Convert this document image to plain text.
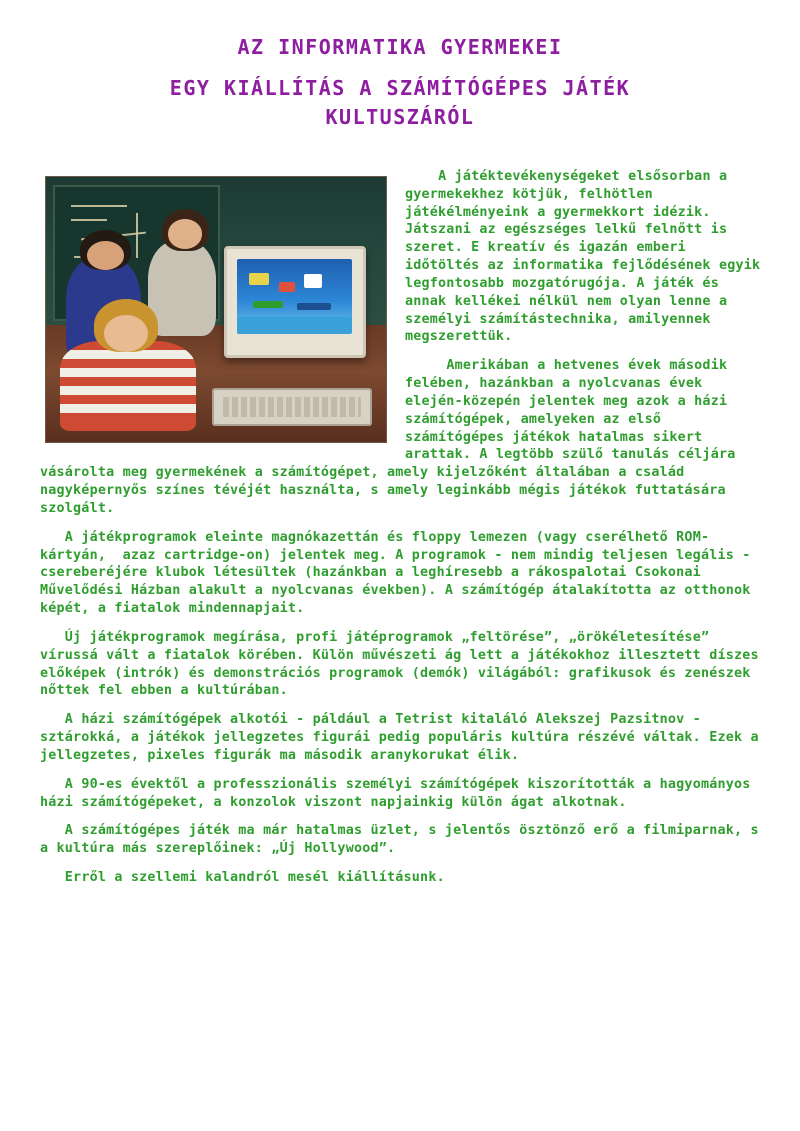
AZ INFORMATIKA GYERMEKEI
EGY KIÁLLÍTÁS A SZÁMÍTÓGÉPES JÁTÉK KULTUSZÁRÓL

A játéktevékenységeket elsősorban a gyermekekhez kötjük, felhötlen játékélményeink a gyermekkort idézik. Játszani az egészséges lelkű felnőtt is szeret. E kreatív és igazán emberi időtöltés az informatika fejlődésének egyik legfontosabb mozgatórugója. A játék és annak kellékei nélkül nem olyan lenne a személyi számítástechnika, amilyennek megszerettük.

Amerikában a hetvenes évek második felében, hazánkban a nyolcvanas évek elején-közepén jelentek meg azok a házi számítógépek, amelyeken az első számítógépes játékok hatalmas sikert arattak. A legtöbb szülő tanulás céljára vásárolta meg gyermekének a számítógépet, amely kijelzőként általában a család nagyképernyős színes tévéjét használta, s amely leginkább mégis játékok futtatására szolgált.

A játékprogramok eleinte magnókazettán és floppy lemezen (vagy cserélhető ROM-kártyán,  azaz cartridge-on) jelentek meg. A programok - nem mindig teljesen legális - csereberéjére klubok létesültek (hazánkban a leghíresebb a rákospalotai Csokonai Művelődési Házban alakult a nyolcvanas években). A számítógép átalakította az otthonok képét, a fiatalok mindennapjait.

Új játékprogramok megírása, profi játéprogramok „feltörése”, „örökéletesítése” vírussá vált a fiatalok körében. Külön művészeti ág lett a játékokhoz illesztett díszes előképek (intrók) és demonstrációs programok (demók) világából: grafikusok és zenészek nőttek fel ebben a kultúrában.

A házi számítógépek alkotói - páldául a Tetrist kitaláló Alekszej Pazsitnov - sztárokká, a játékok jellegzetes figurái pedig populáris kultúra részévé váltak. Ezek a jellegzetes, pixeles figurák ma második aranykorukat élik.

A 90-es évektől a professzionális személyi számítógépek kiszorították a hagyományos házi számítógépeket, a konzolok viszont napjainkig külön ágat alkotnak.

A számítógépes játék ma már hatalmas üzlet, s jelentős ösztönző erő a filmiparnak, s a kultúra más szereplőinek: „Új Hollywood”.

Erről a szellemi kalandról mesél kiállításunk.
